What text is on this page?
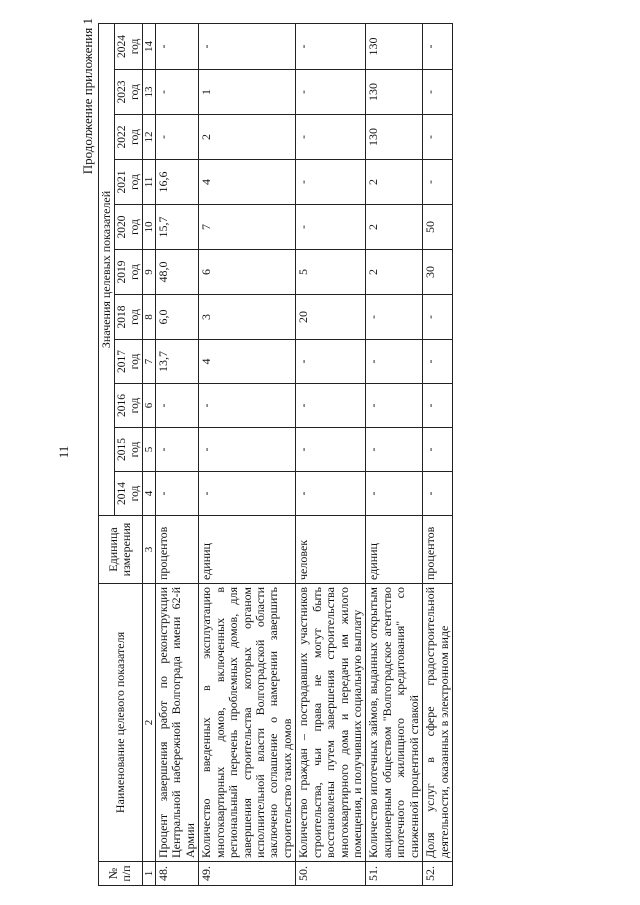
11
Продолжение приложения 1
№ п/п	Наименование целевого показателя	Единица измерения	Значения целевых показателей										
			2014 год	2015 год	2016 год	2017 год	2018 год	2019 год	2020 год	2021 год	2022 год	2023 год	2024 год
1	2	3	4	5	6	7	8	9	10	11	12	13	14
48.	Процент завершения работ по реконструкции Центральной набережной Волгограда имени 62-й Армии	процентов	-	-	-	13,7	6,0	48,0	15,7	16,6	-	-	-
49.	Количество введенных в эксплуатацию многоквартирных домов, включенных в региональный перечень проблемных домов, для завершения строительства которых органом исполнительной власти Волгоградской области заключено соглашение о намерении завершить строительство таких домов	единиц	-	-	-	4	3	6	7	4	2	1	-
50.	Количество граждан – пострадавших участников строительства, чьи права не могут быть восстановлены путем завершения строительства многоквартирного дома и передачи им жилого помещения, и получивших социальную выплату	человек	-	-	-	-	20	5	-	-	-	-	-
51.	Количество ипотечных займов, выданных открытым акционерным обществом "Волгоградское агентство ипотечного жилищного кредитования" со сниженной процентной ставкой	единиц	-	-	-	-	-	2	2	2	130	130	130
52.	Доля услуг в сфере градостроительной деятельности, оказанных в электронном виде	процентов	-	-	-	-	-	30	50	-	-	-	-
